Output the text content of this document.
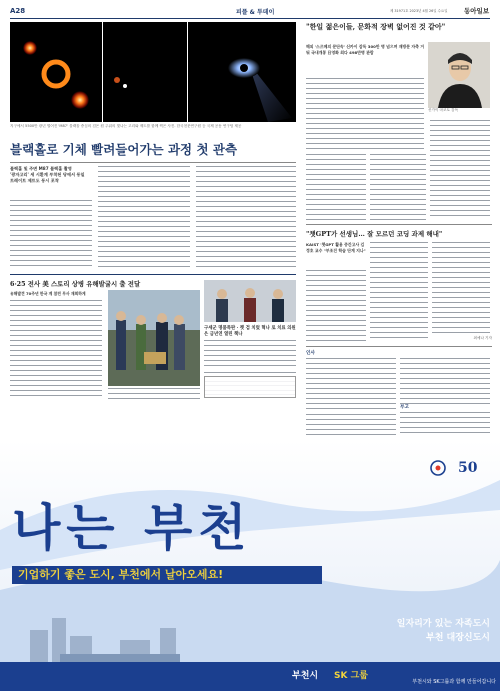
A28	피플 & 투데이	제 31971호 2023년 4월 26일 수요일	동아일보
지구에서 5500만 광년 떨어진 'M87' 블랙홀 중심의 검은 원 주위의 빛나는 고리와 제트를 함께 찍은 사진. 한국천문연구원 등 국제 공동 연구팀 제공
블랙홀로 기체 빨려들어가는 과정 첫 관측
블랙홀 및 주변 M87 블랙홀 촬영
'광자고리' 세 시환계 부착된 당에서 동일 트레이트 제트도 동시 포착
"한일 젊은이들, 문화적 장벽 없어진 것 같아"
해외 '스즈메의 문단속' 신카이 감독 300만 명 넘으며 재방문 자축 거둬 국내개봉 日영화 최다 498만명 관람
신카이 마코토 감독
"챗GPT가 선생님… 잘 모르던 코딩 과제 해내"
KAIST '챗GPT 활용 중간고사 김정호 교수 "부조진 학습 단계 지나"
최예나 기자
6·25 전사 美 스토리 상병 유해발굴시 출 전달
유해발견 70주년 한국 계 참전 무사 재회하게
구세군 명품특판 · 챗 검 치렀 혁나 로 치료 의원은 금년연 열린 책나
인사
부고
50
나는 부천
기업하기 좋은 도시, 부천에서 날아오세요!
일자리가 있는 자족도시
부천 대장신도시
부천시 SK 그룹
부천시와 SK그룹과 함께 만들어갑니다
